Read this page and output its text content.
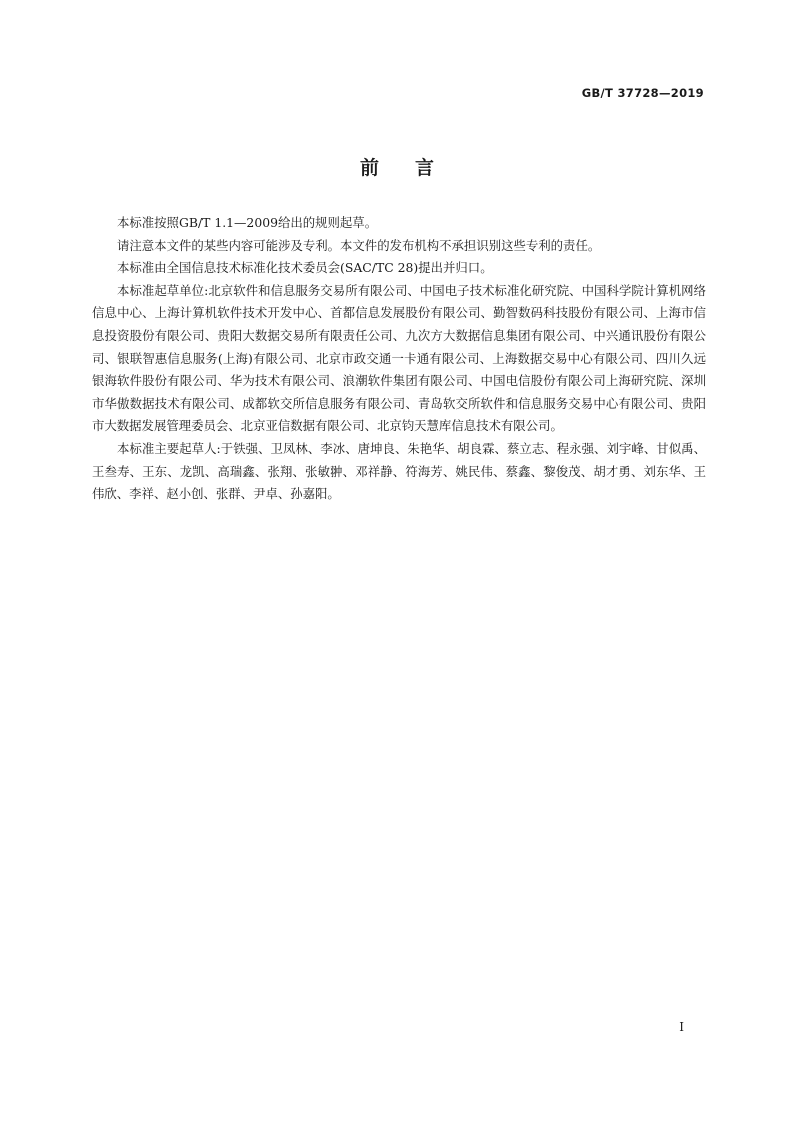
GB/T 37728—2019
前言

本标准按照GB/T 1.1—2009给出的规则起草。

请注意本文件的某些内容可能涉及专利。本文件的发布机构不承担识别这些专利的责任。

本标准由全国信息技术标准化技术委员会(SAC/TC 28)提出并归口。

本标准起草单位:北京软件和信息服务交易所有限公司、中国电子技术标准化研究院、中国科学院计算机网络信息中心、上海计算机软件技术开发中心、首都信息发展股份有限公司、勤智数码科技股份有限公司、上海市信息投资股份有限公司、贵阳大数据交易所有限责任公司、九次方大数据信息集团有限公司、中兴通讯股份有限公司、银联智惠信息服务(上海)有限公司、北京市政交通一卡通有限公司、上海数据交易中心有限公司、四川久远银海软件股份有限公司、华为技术有限公司、浪潮软件集团有限公司、中国电信股份有限公司上海研究院、深圳市华傲数据技术有限公司、成都软交所信息服务有限公司、青岛软交所软件和信息服务交易中心有限公司、贵阳市大数据发展管理委员会、北京亚信数据有限公司、北京钧天慧库信息技术有限公司。

本标准主要起草人:于铁强、卫凤林、李冰、唐坤良、朱艳华、胡良霖、蔡立志、程永强、刘宇峰、甘似禹、王叁寿、王东、龙凯、高瑞鑫、张翔、张敏翀、邓祥静、符海芳、姚民伟、蔡鑫、黎俊茂、胡才勇、刘东华、王伟欣、李祥、赵小创、张群、尹卓、孙嘉阳。

I
